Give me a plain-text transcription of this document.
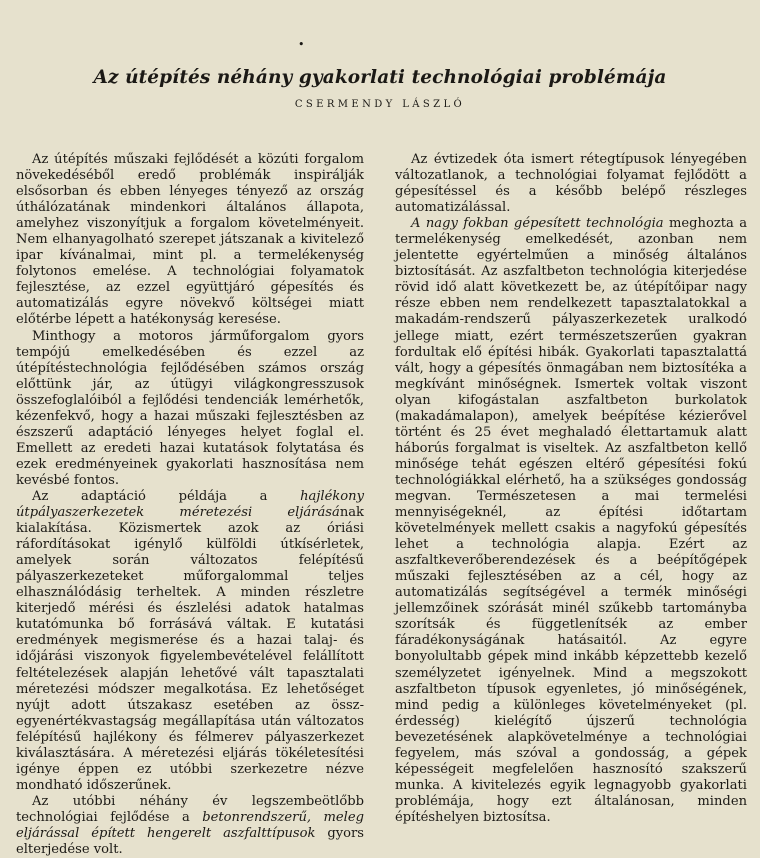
•
Az útépítés néhány gyakorlati technológiai problémája
CSERMENDY LÁSZLÓ

Az útépítés műszaki fejlődését a közúti forgalom növekedéséből eredő problémák inspirálják elsősorban és ebben lényeges tényező az ország úthálózatának mindenkori általános állapota, amelyhez viszonyítjuk a forgalom követelményeit. Nem elhanyagolható szerepet játszanak a kivitelező ipar kívánalmai, mint pl. a termelékenység folytonos emelése. A technológiai folyamatok fejlesztése, az ezzel együttjáró gépesítés és automatizálás egyre növekvő költségei miatt előtérbe lépett a hatékonyság keresése.

Minthogy a motoros járműforgalom gyors tempójú emelkedésében és ezzel az útépítéstechnológia fejlődésében számos ország előttünk jár, az útügyi világkongresszusok összefoglalóiból a fejlődési tendenciák lemérhetők, kézenfekvő, hogy a hazai műszaki fejlesztésben az észszerű adaptáció lényeges helyet foglal el. Emellett az eredeti hazai kutatások folytatása és ezek eredményeinek gyakorlati hasznosítása nem kevésbé fontos.

Az adaptáció példája a hajlékony útpályaszerkezetek méretezési eljárásának kialakítása. Közismertek azok az óriási ráfordításokat igénylő külföldi útkísérletek, amelyek során változatos felépítésű pályaszerkezeteket műforgalommal teljes elhasználódásig terheltek. A minden részletre kiterjedő mérési és észlelési adatok hatalmas kutatómunka bő forrásává váltak. E kutatási eredmények megismerése és a hazai talaj- és időjárási viszonyok figyelembevételével felállított feltételezések alapján lehetővé vált tapasztalati méretezési módszer megalkotása. Ez lehetőséget nyújt adott útszakasz esetében az össz-egyenértékvastagság megállapítása után változatos felépítésű hajlékony és félmerev pályaszerkezet kiválasztására. A méretezési eljárás tökéletesítési igénye éppen ez utóbbi szerkezetre nézve mondható időszerűnek.

Az utóbbi néhány év legszembeötlőbb technológiai fejlődése a betonrendszerű, meleg eljárással épített hengerelt aszfalttípusok gyors elterjedése volt.

Az évtizedek óta ismert rétegtípusok lényegében változatlanok, a technológiai folyamat fejlődött a gépesítéssel és a később belépő részleges automatizálással.

A nagy fokban gépesített technológia meghozta a termelékenység emelkedését, azonban nem jelentette egyértelműen a minőség általános biztosítását. Az aszfaltbeton technológia kiterjedése rövid idő alatt következett be, az útépítőipar nagy része ebben nem rendelkezett tapasztalatokkal a makadám-rendszerű pályaszerkezetek uralkodó jellege miatt, ezért természetszerűen gyakran fordultak elő építési hibák. Gyakorlati tapasztalattá vált, hogy a gépesítés önmagában nem biztosítéka a megkívánt minőségnek. Ismertek voltak viszont olyan kifogástalan aszfaltbeton burkolatok (makadámalapon), amelyek beépítése kézierővel történt és 25 évet meghaladó élettartamuk alatt háborús forgalmat is viseltek. Az aszfaltbeton kellő minősége tehát egészen eltérő gépesítési fokú technológiákkal elérhető, ha a szükséges gondosság megvan. Természetesen a mai termelési mennyiségeknél, az építési időtartam követelmények mellett csakis a nagyfokú gépesítés lehet a technológia alapja. Ezért az aszfaltkeverőberendezések és a beépítőgépek műszaki fejlesztésében az a cél, hogy az automatizálás segítségével a termék minőségi jellemzőinek szórását minél szűkebb tartományba szorítsák és függetlenítsék az ember fáradékonyságának hatásaitól. Az egyre bonyolultabb gépek mind inkább képzettebb kezelő személyzetet igényelnek. Mind a megszokott aszfaltbeton típusok egyenletes, jó minőségének, mind pedig a különleges követelményeket (pl. érdesség) kielégítő újszerű technológia bevezetésének alapkövetelménye a technológiai fegyelem, más szóval a gondosság, a gépek képességeit megfelelően hasznosító szakszerű munka. A kivitelezés egyik legnagyobb gyakorlati problémája, hogy ezt általánosan, minden építéshelyen biztosítsa.
